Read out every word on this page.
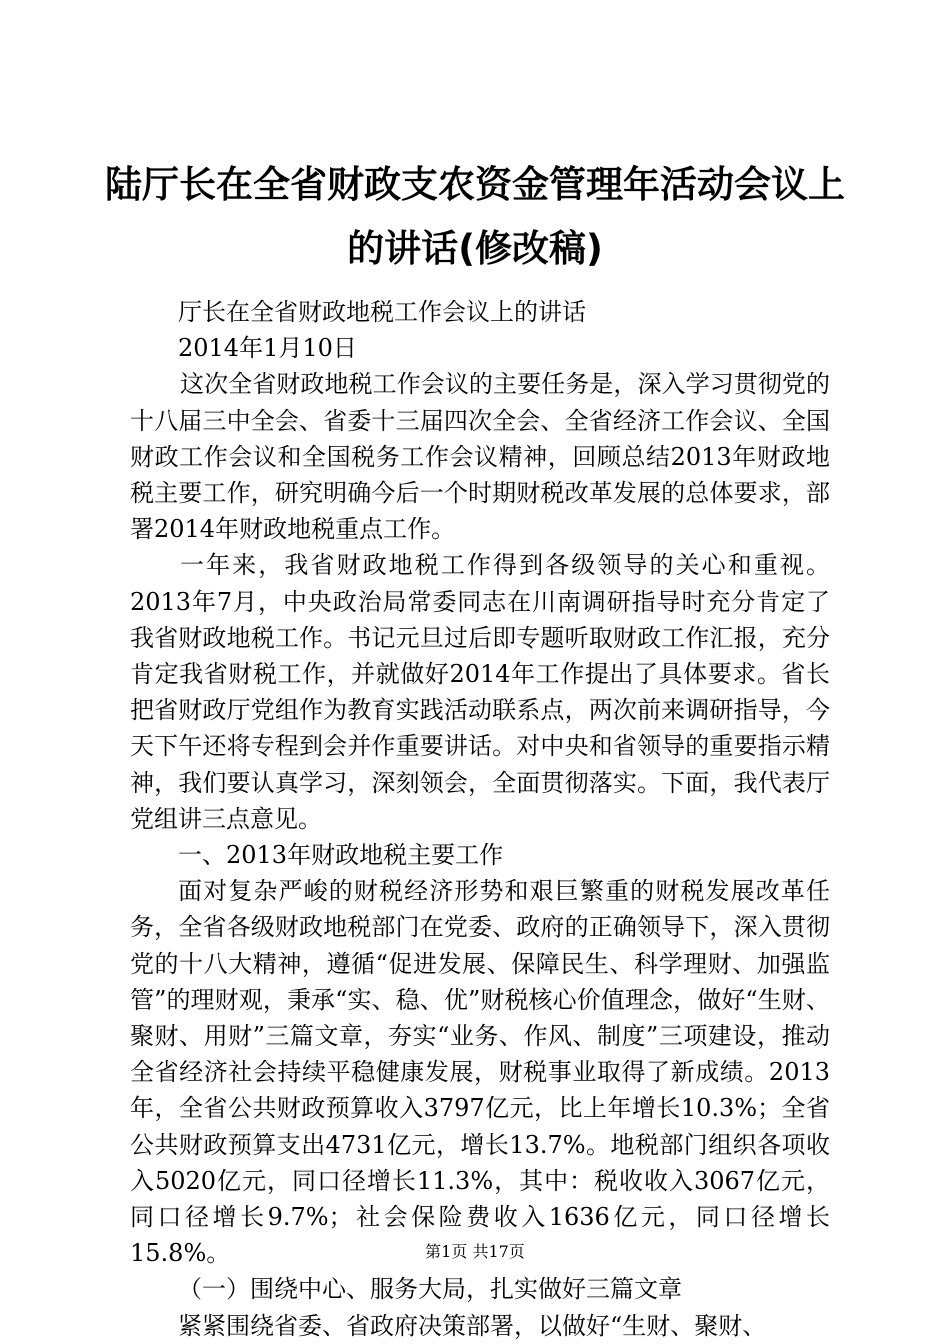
陆厅长在全省财政支农资金管理年活动会议上
的讲话(修改稿)

厅长在全省财政地税工作会议上的讲话

2014年1月10日

这次全省财政地税工作会议的主要任务是，深入学习贯彻党的十八届三中全会、省委十三届四次全会、全省经济工作会议、全国财政工作会议和全国税务工作会议精神，回顾总结2013年财政地税主要工作，研究明确今后一个时期财税改革发展的总体要求，部署2014年财政地税重点工作。

一年来，我省财政地税工作得到各级领导的关心和重视。2013年7月，中央政治局常委同志在川南调研指导时充分肯定了我省财政地税工作。书记元旦过后即专题听取财政工作汇报，充分肯定我省财税工作，并就做好2014年工作提出了具体要求。省长把省财政厅党组作为教育实践活动联系点，两次前来调研指导，今天下午还将专程到会并作重要讲话。对中央和省领导的重要指示精神，我们要认真学习，深刻领会，全面贯彻落实。下面，我代表厅党组讲三点意见。

一、2013年财政地税主要工作

面对复杂严峻的财税经济形势和艰巨繁重的财税发展改革任务，全省各级财政地税部门在党委、政府的正确领导下，深入贯彻党的十八大精神，遵循“促进发展、保障民生、科学理财、加强监管”的理财观，秉承“实、稳、优”财税核心价值理念，做好“生财、聚财、用财”三篇文章，夯实“业务、作风、制度”三项建设，推动全省经济社会持续平稳健康发展，财税事业取得了新成绩。2013年，全省公共财政预算收入3797亿元，比上年增长10.3%；全省公共财政预算支出4731亿元，增长13.7%。地税部门组织各项收入5020亿元，同口径增长11.3%，其中：税收收入3067亿元，同口径增长9.7%；社会保险费收入1636亿元，同口径增长15.8%。

（一）围绕中心、服务大局，扎实做好三篇文章

紧紧围绕省委、省政府决策部署，以做好“生财、聚财、

第1页 共17页
